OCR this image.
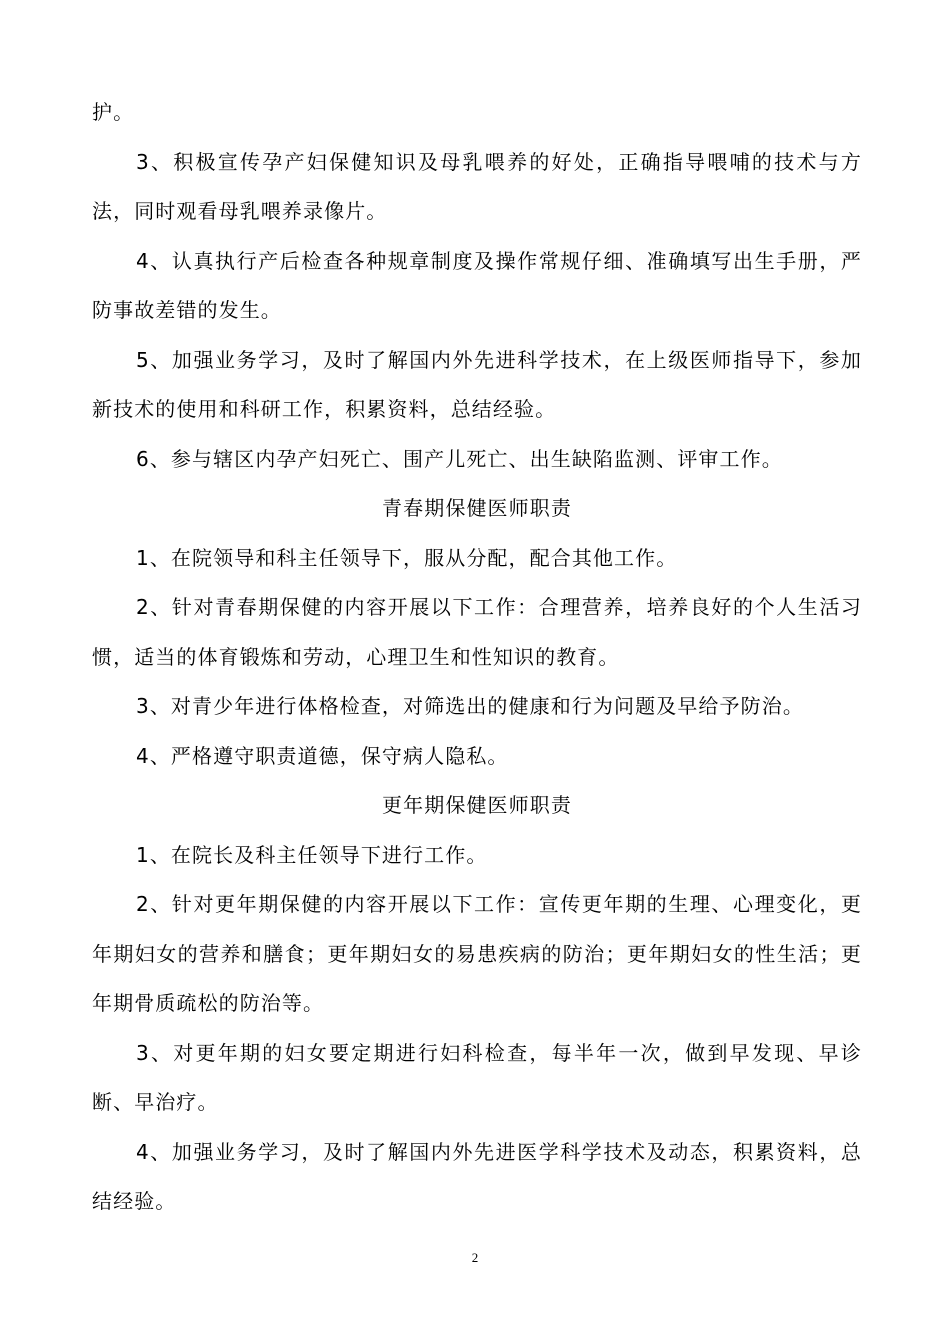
护。

3、积极宣传孕产妇保健知识及母乳喂养的好处，正确指导喂哺的技术与方法，同时观看母乳喂养录像片。

4、认真执行产后检查各种规章制度及操作常规仔细、准确填写出生手册，严防事故差错的发生。

5、加强业务学习，及时了解国内外先进科学技术，在上级医师指导下，参加新技术的使用和科研工作，积累资料，总结经验。

6、参与辖区内孕产妇死亡、围产儿死亡、出生缺陷监测、评审工作。

青春期保健医师职责

1、在院领导和科主任领导下，服从分配，配合其他工作。

2、针对青春期保健的内容开展以下工作：合理营养，培养良好的个人生活习惯，适当的体育锻炼和劳动，心理卫生和性知识的教育。

3、对青少年进行体格检查，对筛选出的健康和行为问题及早给予防治。

4、严格遵守职责道德，保守病人隐私。

更年期保健医师职责

1、在院长及科主任领导下进行工作。

2、针对更年期保健的内容开展以下工作：宣传更年期的生理、心理变化，更年期妇女的营养和膳食；更年期妇女的易患疾病的防治；更年期妇女的性生活；更年期骨质疏松的防治等。

3、对更年期的妇女要定期进行妇科检查，每半年一次，做到早发现、早诊断、早治疗。

4、加强业务学习，及时了解国内外先进医学科学技术及动态，积累资料，总结经验。

2
